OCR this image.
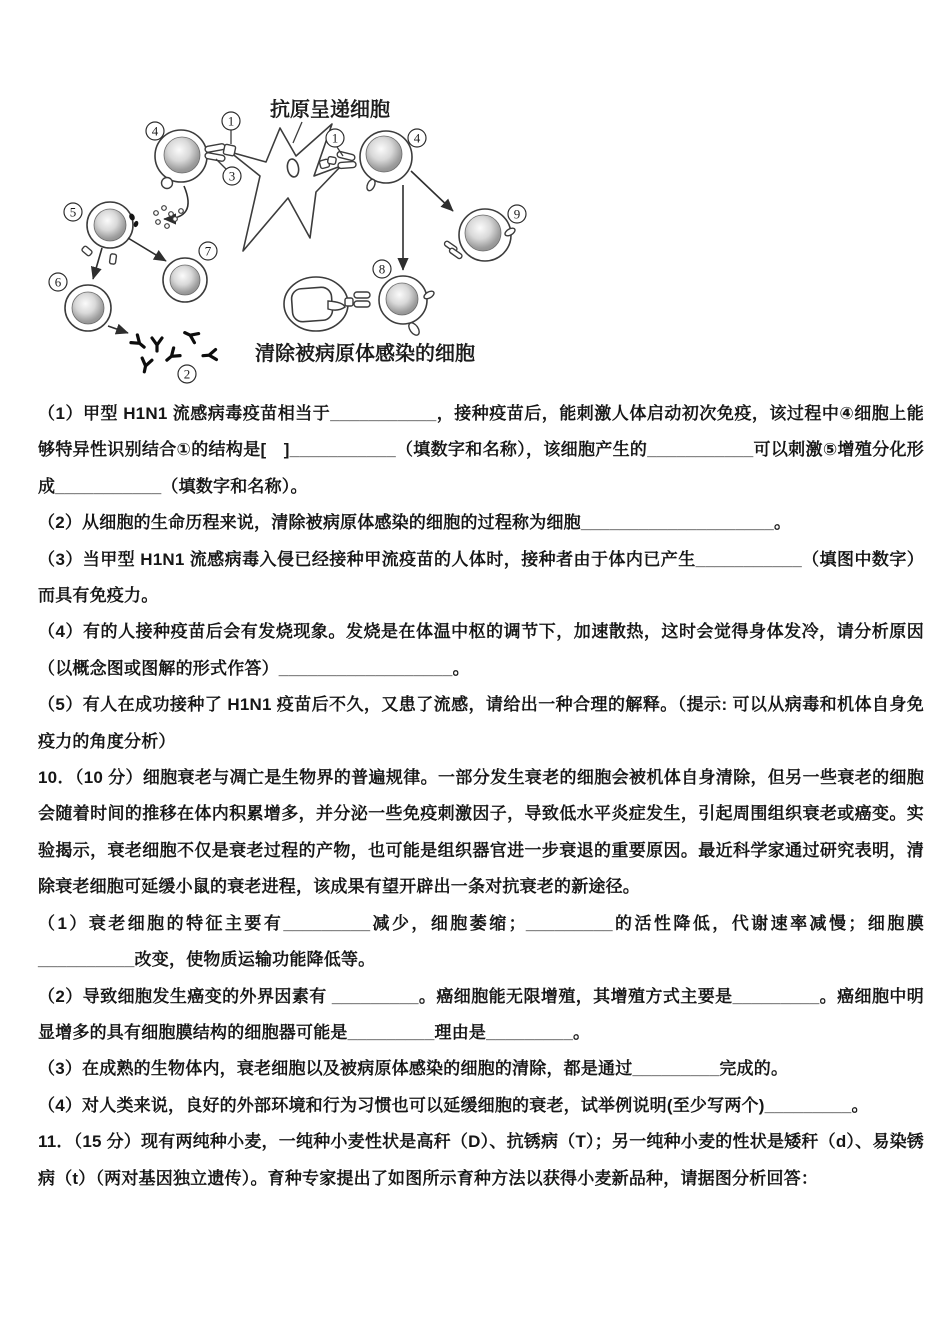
抗原呈递细胞
1
3
4	1	4
5
6
7
2
9
8
清除被病原体感染的细胞

（1）甲型 H1N1 流感病毒疫苗相当于___________，接种疫苗后，能刺激人体启动初次免疫，该过程中④细胞上能够特异性识别结合①的结构是[　]___________（填数字和名称），该细胞产生的___________可以刺激⑤增殖分化形成___________（填数字和名称）。

（2）从细胞的生命历程来说，清除被病原体感染的细胞的过程称为细胞____________________。

（3）当甲型 H1N1 流感病毒入侵已经接种甲流疫苗的人体时，接种者由于体内已产生___________（填图中数字）而具有免疫力。

（4）有的人接种疫苗后会有发烧现象。发烧是在体温中枢的调节下，加速散热，这时会觉得身体发冷，请分析原因（以概念图或图解的形式作答）__________________。

（5）有人在成功接种了 H1N1 疫苗后不久，又患了流感，请给出一种合理的解释。（提示: 可以从病毒和机体自身免疫力的角度分析）

10．（10 分）细胞衰老与凋亡是生物界的普遍规律。一部分发生衰老的细胞会被机体自身清除，但另一些衰老的细胞会随着时间的推移在体内积累增多，并分泌一些免疫刺激因子，导致低水平炎症发生，引起周围组织衰老或癌变。实验揭示，衰老细胞不仅是衰老过程的产物，也可能是组织器官进一步衰退的重要原因。最近科学家通过研究表明，清除衰老细胞可延缓小鼠的衰老进程，该成果有望开辟出一条对抗衰老的新途径。

（1）衰老细胞的特征主要有_________减少，细胞萎缩；_________的活性降低，代谢速率减慢；细胞膜__________改变，使物质运输功能降低等。

（2）导致细胞发生癌变的外界因素有 _________。癌细胞能无限增殖，其增殖方式主要是_________。癌细胞中明显增多的具有细胞膜结构的细胞器可能是_________理由是_________。

（3）在成熟的生物体内，衰老细胞以及被病原体感染的细胞的清除，都是通过_________完成的。

（4）对人类来说，良好的外部环境和行为习惯也可以延缓细胞的衰老，试举例说明(至少写两个)_________。

11．（15 分）现有两纯种小麦，一纯种小麦性状是高秆（D）、抗锈病（T）；另一纯种小麦的性状是矮秆（d）、易染锈病（t）（两对基因独立遗传）。育种专家提出了如图所示育种方法以获得小麦新品种，请据图分析回答：
